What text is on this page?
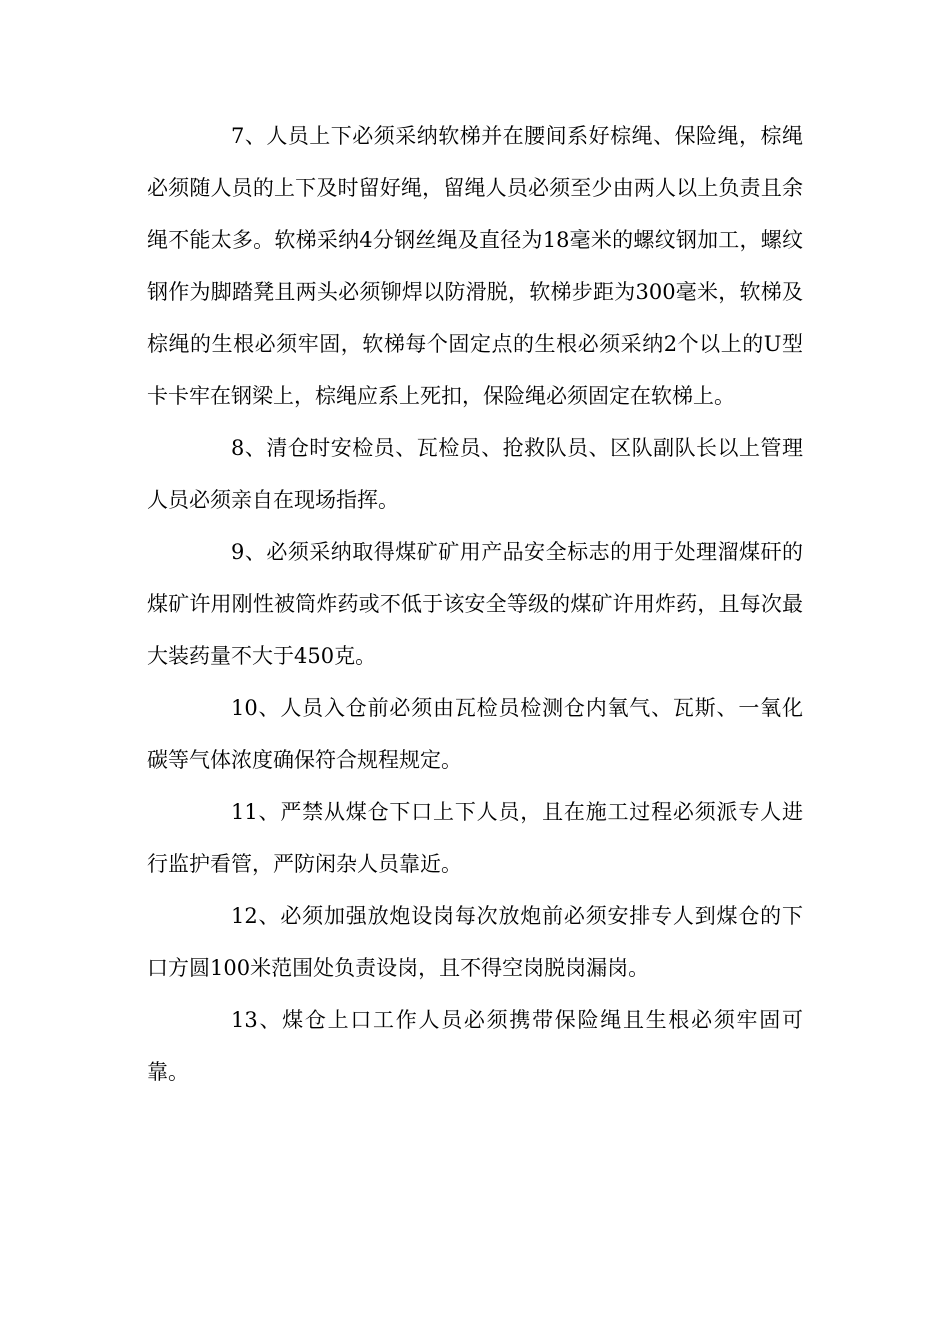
7、人员上下必须采纳软梯并在腰间系好棕绳、保险绳，棕绳必须随人员的上下及时留好绳，留绳人员必须至少由两人以上负责且余绳不能太多。软梯采纳4分钢丝绳及直径为18毫米的螺纹钢加工，螺纹钢作为脚踏凳且两头必须铆焊以防滑脱，软梯步距为300毫米，软梯及棕绳的生根必须牢固，软梯每个固定点的生根必须采纳2个以上的U型卡卡牢在钢梁上，棕绳应系上死扣，保险绳必须固定在软梯上。

8、清仓时安检员、瓦检员、抢救队员、区队副队长以上管理人员必须亲自在现场指挥。

9、必须采纳取得煤矿矿用产品安全标志的用于处理溜煤矸的煤矿许用刚性被筒炸药或不低于该安全等级的煤矿许用炸药，且每次最大装药量不大于450克。

10、人员入仓前必须由瓦检员检测仓内氧气、瓦斯、一氧化碳等气体浓度确保符合规程规定。

11、严禁从煤仓下口上下人员，且在施工过程必须派专人进行监护看管，严防闲杂人员靠近。

12、必须加强放炮设岗每次放炮前必须安排专人到煤仓的下口方圆100米范围处负责设岗，且不得空岗脱岗漏岗。

13、煤仓上口工作人员必须携带保险绳且生根必须牢固可靠。
